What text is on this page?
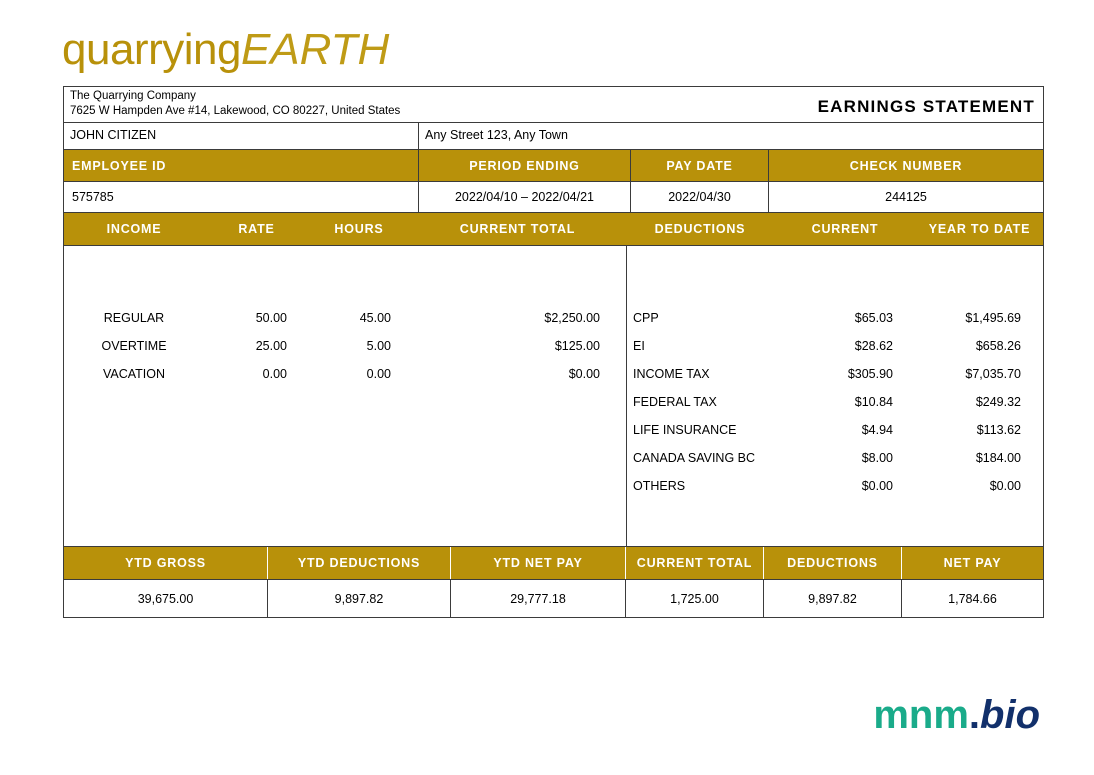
quarryingEARTH
The Quarrying Company
7625 W Hampden Ave #14, Lakewood, CO 80227, United States	EARNINGS STATEMENT
JOHN CITIZEN	Any Street 123, Any Town
EMPLOYEE ID	PERIOD ENDING	PAY DATE	CHECK NUMBER
575785	2022/04/10 – 2022/04/21	2022/04/30	244125
INCOME	RATE	HOURS	CURRENT TOTAL	DEDUCTIONS	CURRENT	YEAR TO DATE
REGULAR	50.00	45.00	$2,250.00
OVERTIME	25.00	5.00	$125.00
VACATION	0.00	0.00	$0.00
CPP	$65.03	$1,495.69
EI	$28.62	$658.26
INCOME TAX	$305.90	$7,035.70
FEDERAL TAX	$10.84	$249.32
LIFE INSURANCE	$4.94	$113.62
CANADA SAVING BC	$8.00	$184.00
OTHERS	$0.00	$0.00
YTD GROSS	YTD DEDUCTIONS	YTD NET PAY	CURRENT TOTAL	DEDUCTIONS	NET PAY
39,675.00	9,897.82	29,777.18	1,725.00	9,897.82	1,784.66
mnm.bio
